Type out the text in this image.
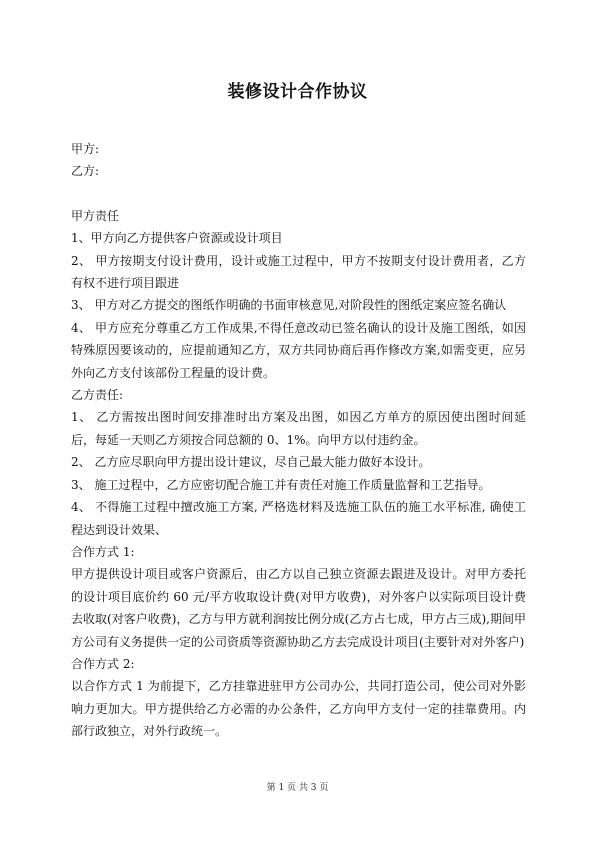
装修设计合作协议

甲方:

乙方:

甲方责任

1、甲方向乙方提供客户资源或设计项目

2、 甲方按期支付设计费用，设计或施工过程中，甲方不按期支付设计费用者，乙方有权不进行项目跟进

3、 甲方对乙方提交的图纸作明确的书面审核意见,对阶段性的图纸定案应签名确认

4、 甲方应充分尊重乙方工作成果,不得任意改动已签名确认的设计及施工图纸，如因特殊原因要该动的，应提前通知乙方，双方共同协商后再作修改方案,如需变更，应另外向乙方支付该部份工程量的设计费。

乙方责任:

1、 乙方需按出图时间安排准时出方案及出图，如因乙方单方的原因使出图时间延后，每延一天则乙方须按合同总额的 0、1%。向甲方以付违约金。

2、 乙方应尽职向甲方提出设计建议，尽自己最大能力做好本设计。

3、 施工过程中，乙方应密切配合施工并有责任对施工作质量监督和工艺指导。

4、 不得施工过程中擅改施工方案, 严格选材料及选施工队伍的施工水平标准, 确使工程达到设计效果、

合作方式 1:

甲方提供设计项目或客户资源后，由乙方以自己独立资源去跟进及设计。对甲方委托的设计项目底价约 60 元/平方收取设计费(对甲方收费)，对外客户以实际项目设计费去收取(对客户收费)，乙方与甲方就利润按比例分成(乙方占七成，甲方占三成),期间甲方公司有义务提供一定的公司资质等资源协助乙方去完成设计项目(主要针对对外客户)

合作方式 2:

以合作方式 1 为前提下，乙方挂靠进驻甲方公司办公，共同打造公司，使公司对外影响力更加大。甲方提供给乙方必需的办公条件，乙方向甲方支付一定的挂靠费用。内部行政独立，对外行政统一。

第 1 页 共 3 页
